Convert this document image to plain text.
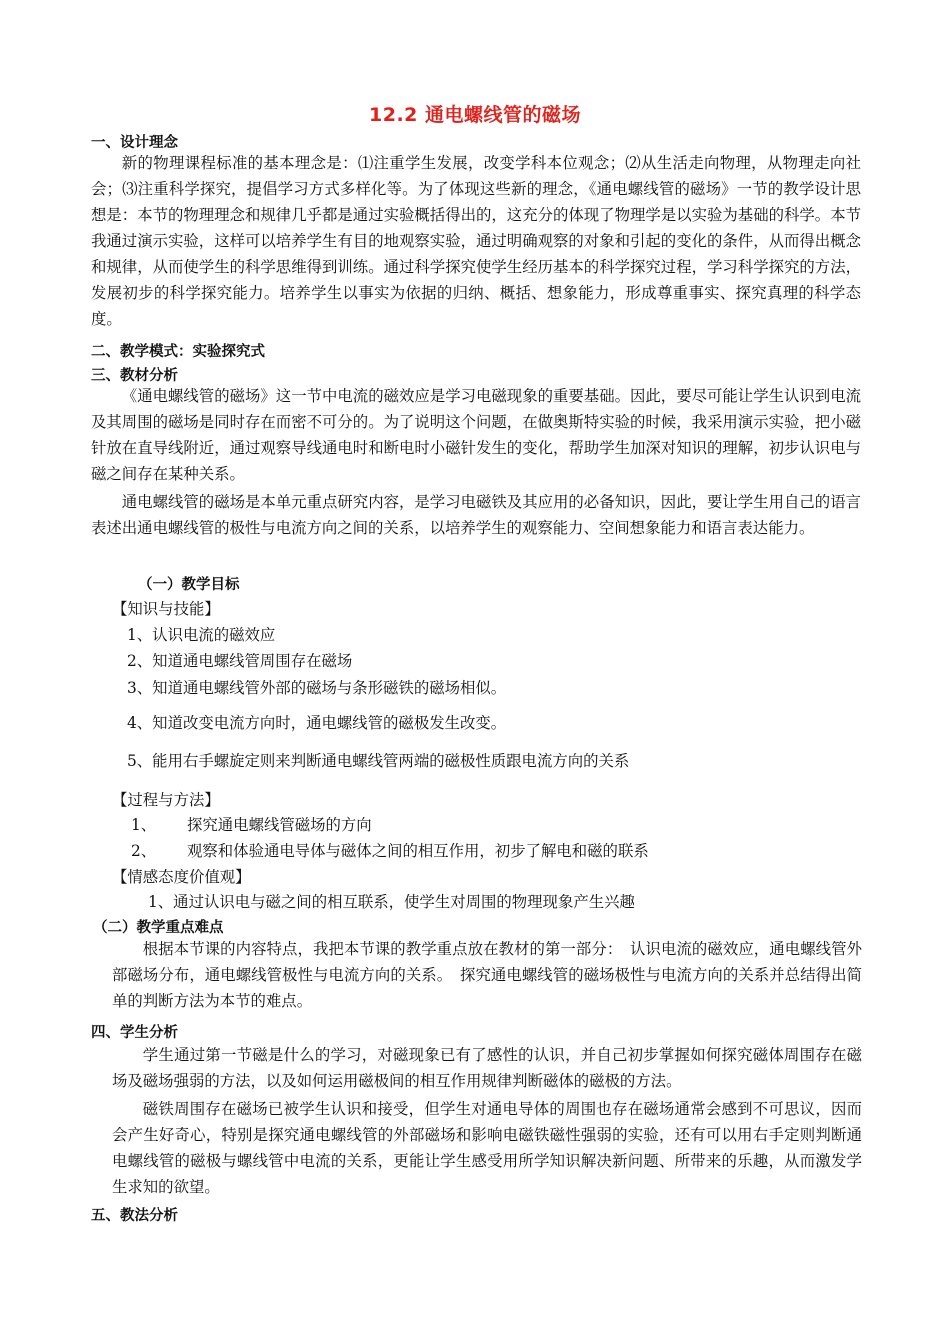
12.2 通电螺线管的磁场
一、设计理念
新的物理课程标准的基本理念是：⑴注重学生发展，改变学科本位观念；⑵从生活走向物理，从物理走向社会；⑶注重科学探究，提倡学习方式多样化等。为了体现这些新的理念，《通电螺线管的磁场》一节的教学设计思想是：本节的物理理念和规律几乎都是通过实验概括得出的，这充分的体现了物理学是以实验为基础的科学。本节我通过演示实验，这样可以培养学生有目的地观察实验，通过明确观察的对象和引起的变化的条件，从而得出概念和规律，从而使学生的科学思维得到训练。通过科学探究使学生经历基本的科学探究过程，学习科学探究的方法，发展初步的科学探究能力。培养学生以事实为依据的归纳、概括、想象能力，形成尊重事实、探究真理的科学态度。
二、教学模式：实验探究式
三、教材分析
《通电螺线管的磁场》这一节中电流的磁效应是学习电磁现象的重要基础。因此，要尽可能让学生认识到电流及其周围的磁场是同时存在而密不可分的。为了说明这个问题，在做奥斯特实验的时候，我采用演示实验，把小磁针放在直导线附近，通过观察导线通电时和断电时小磁针发生的变化，帮助学生加深对知识的理解，初步认识电与磁之间存在某种关系。
通电螺线管的磁场是本单元重点研究内容，是学习电磁铁及其应用的必备知识，因此，要让学生用自己的语言表述出通电螺线管的极性与电流方向之间的关系，以培养学生的观察能力、空间想象能力和语言表达能力。
（一）教学目标
【知识与技能】
1、认识电流的磁效应
2、知道通电螺线管周围存在磁场
3、知道通电螺线管外部的磁场与条形磁铁的磁场相似。
4、知道改变电流方向时，通电螺线管的磁极发生改变。
5、能用右手螺旋定则来判断通电螺线管两端的磁极性质跟电流方向的关系
【过程与方法】
1、 探究通电螺线管磁场的方向
2、 观察和体验通电导体与磁体之间的相互作用，初步了解电和磁的联系
【情感态度价值观】
1、通过认识电与磁之间的相互联系，使学生对周围的物理现象产生兴趣
（二）教学重点难点
根据本节课的内容特点，我把本节课的教学重点放在教材的第一部分：　认识电流的磁效应，通电螺线管外部磁场分布，通电螺线管极性与电流方向的关系。　探究通电螺线管的磁场极性与电流方向的关系并总结得出简单的判断方法为本节的难点。
四、学生分析
学生通过第一节磁是什么的学习，对磁现象已有了感性的认识，并自己初步掌握如何探究磁体周围存在磁场及磁场强弱的方法，以及如何运用磁极间的相互作用规律判断磁体的磁极的方法。
磁铁周围存在磁场已被学生认识和接受，但学生对通电导体的周围也存在磁场通常会感到不可思议，因而会产生好奇心，特别是探究通电螺线管的外部磁场和影响电磁铁磁性强弱的实验，还有可以用右手定则判断通电螺线管的磁极与螺线管中电流的关系，更能让学生感受用所学知识解决新问题、所带来的乐趣，从而激发学生求知的欲望。
五、教法分析
